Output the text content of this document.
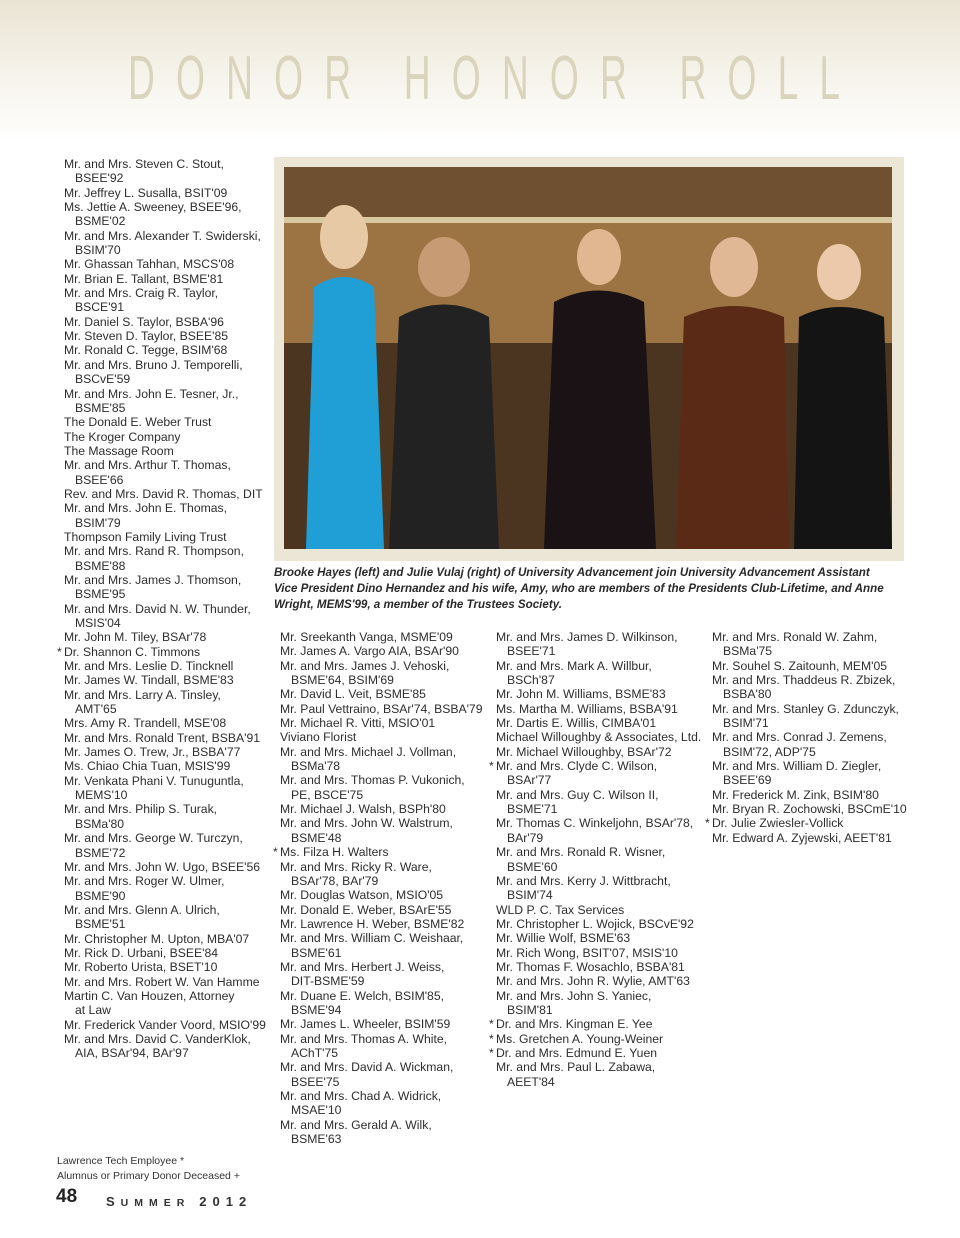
D O N O R
H O N O R
R O L L
Mr. and Mrs. Steven C. Stout,
BSEE'92
Mr. Jeffrey L. Susalla, BSIT'09
Ms. Jettie A. Sweeney, BSEE'96,
BSME'02
Mr. and Mrs. Alexander T. Swiderski,
BSIM'70
Mr. Ghassan Tahhan, MSCS'08
Mr. Brian E. Tallant, BSME'81
Mr. and Mrs. Craig R. Taylor,
BSCE'91
Mr. Daniel S. Taylor, BSBA'96
Mr. Steven D. Taylor, BSEE'85
Mr. Ronald C. Tegge, BSIM'68
Mr. and Mrs. Bruno J. Temporelli,
BSCvE'59
Mr. and Mrs. John E. Tesner, Jr.,
BSME'85
The Donald E. Weber Trust
The Kroger Company
The Massage Room
Mr. and Mrs. Arthur T. Thomas,
BSEE'66
Rev. and Mrs. David R. Thomas, DIT
Mr. and Mrs. John E. Thomas,
BSIM'79
Thompson Family Living Trust
Mr. and Mrs. Rand R. Thompson,
BSME'88
Mr. and Mrs. James J. Thomson,
BSME'95
Mr. and Mrs. David N. W. Thunder,
MSIS'04
Mr. John M. Tiley, BSAr'78
* Dr. Shannon C. Timmons
Mr. and Mrs. Leslie D. Tincknell
Mr. James W. Tindall, BSME'83
Mr. and Mrs. Larry A. Tinsley,
AMT'65
Mrs. Amy R. Trandell, MSE'08
Mr. and Mrs. Ronald Trent, BSBA'91
Mr. James O. Trew, Jr., BSBA'77
Ms. Chiao Chia Tuan, MSIS'99
Mr. Venkata Phani V. Tunuguntla,
MEMS'10
Mr. and Mrs. Philip S. Turak,
BSMa'80
Mr. and Mrs. George W. Turczyn,
BSME'72
Mr. and Mrs. John W. Ugo, BSEE'56
Mr. and Mrs. Roger W. Ulmer,
BSME'90
Mr. and Mrs. Glenn A. Ulrich,
BSME'51
Mr. Christopher M. Upton, MBA'07
Mr. Rick D. Urbani, BSEE'84
Mr. Roberto Urista, BSET'10
Mr. and Mrs. Robert W. Van Hamme
Martin C. Van Houzen, Attorney
at Law
Mr. Frederick Vander Voord, MSIO'99
Mr. and Mrs. David C. VanderKlok,
AIA, BSAr'94, BAr'97
Brooke Hayes (left) and Julie Vulaj (right) of University Advancement join University Advancement Assistant Vice President Dino Hernandez and his wife, Amy, who are members of the Presidents Club-Lifetime, and Anne Wright, MEMS'99, a member of the Trustees Society.
Mr. Sreekanth Vanga, MSME'09
Mr. James A. Vargo AIA, BSAr'90
Mr. and Mrs. James J. Vehoski,
BSME'64, BSIM'69
Mr. David L. Veit, BSME'85
Mr. Paul Vettraino, BSAr'74, BSBA'79
Mr. Michael R. Vitti, MSIO'01
Viviano Florist
Mr. and Mrs. Michael J. Vollman,
BSMa'78
Mr. and Mrs. Thomas P. Vukonich,
PE, BSCE'75
Mr. Michael J. Walsh, BSPh'80
Mr. and Mrs. John W. Walstrum,
BSME'48
* Ms. Filza H. Walters
Mr. and Mrs. Ricky R. Ware,
BSAr'78, BAr'79
Mr. Douglas Watson, MSIO'05
Mr. Donald E. Weber, BSArE'55
Mr. Lawrence H. Weber, BSME'82
Mr. and Mrs. William C. Weishaar,
BSME'61
Mr. and Mrs. Herbert J. Weiss,
DIT-BSME'59
Mr. Duane E. Welch, BSIM'85,
BSME'94
Mr. James L. Wheeler, BSIM'59
Mr. and Mrs. Thomas A. White,
AChT'75
Mr. and Mrs. David A. Wickman,
BSEE'75
Mr. and Mrs. Chad A. Widrick,
MSAE'10
Mr. and Mrs. Gerald A. Wilk,
BSME'63
Mr. and Mrs. James D. Wilkinson,
BSEE'71
Mr. and Mrs. Mark A. Willbur,
BSCh'87
Mr. John M. Williams, BSME'83
Ms. Martha M. Williams, BSBA'91
Mr. Dartis E. Willis, CIMBA'01
Michael Willoughby & Associates, Ltd.
Mr. Michael Willoughby, BSAr'72
* Mr. and Mrs. Clyde C. Wilson,
BSAr'77
Mr. and Mrs. Guy C. Wilson II,
BSME'71
Mr. Thomas C. Winkeljohn, BSAr'78,
BAr'79
Mr. and Mrs. Ronald R. Wisner,
BSME'60
Mr. and Mrs. Kerry J. Wittbracht,
BSIM'74
WLD P. C. Tax Services
Mr. Christopher L. Wojick, BSCvE'92
Mr. Willie Wolf, BSME'63
Mr. Rich Wong, BSIT'07, MSIS'10
Mr. Thomas F. Wosachlo, BSBA'81
Mr. and Mrs. John R. Wylie, AMT'63
Mr. and Mrs. John S. Yaniec,
BSIM'81
* Dr. and Mrs. Kingman E. Yee
* Ms. Gretchen A. Young-Weiner
* Dr. and Mrs. Edmund E. Yuen
Mr. and Mrs. Paul L. Zabawa,
AEET'84
Mr. and Mrs. Ronald W. Zahm,
BSMa'75
Mr. Souhel S. Zaitounh, MEM'05
Mr. and Mrs. Thaddeus R. Zbizek,
BSBA'80
Mr. and Mrs. Stanley G. Zdunczyk,
BSIM'71
Mr. and Mrs. Conrad J. Zemens,
BSIM'72, ADP'75
Mr. and Mrs. William D. Ziegler,
BSEE'69
Mr. Frederick M. Zink, BSIM'80
Mr. Bryan R. Zochowski, BSCmE'10
* Dr. Julie Zwiesler-Vollick
Mr. Edward A. Zyjewski, AEET'81
Lawrence Tech Employee *
Alumnus or Primary Donor Deceased +
48 SUMMER 2012
